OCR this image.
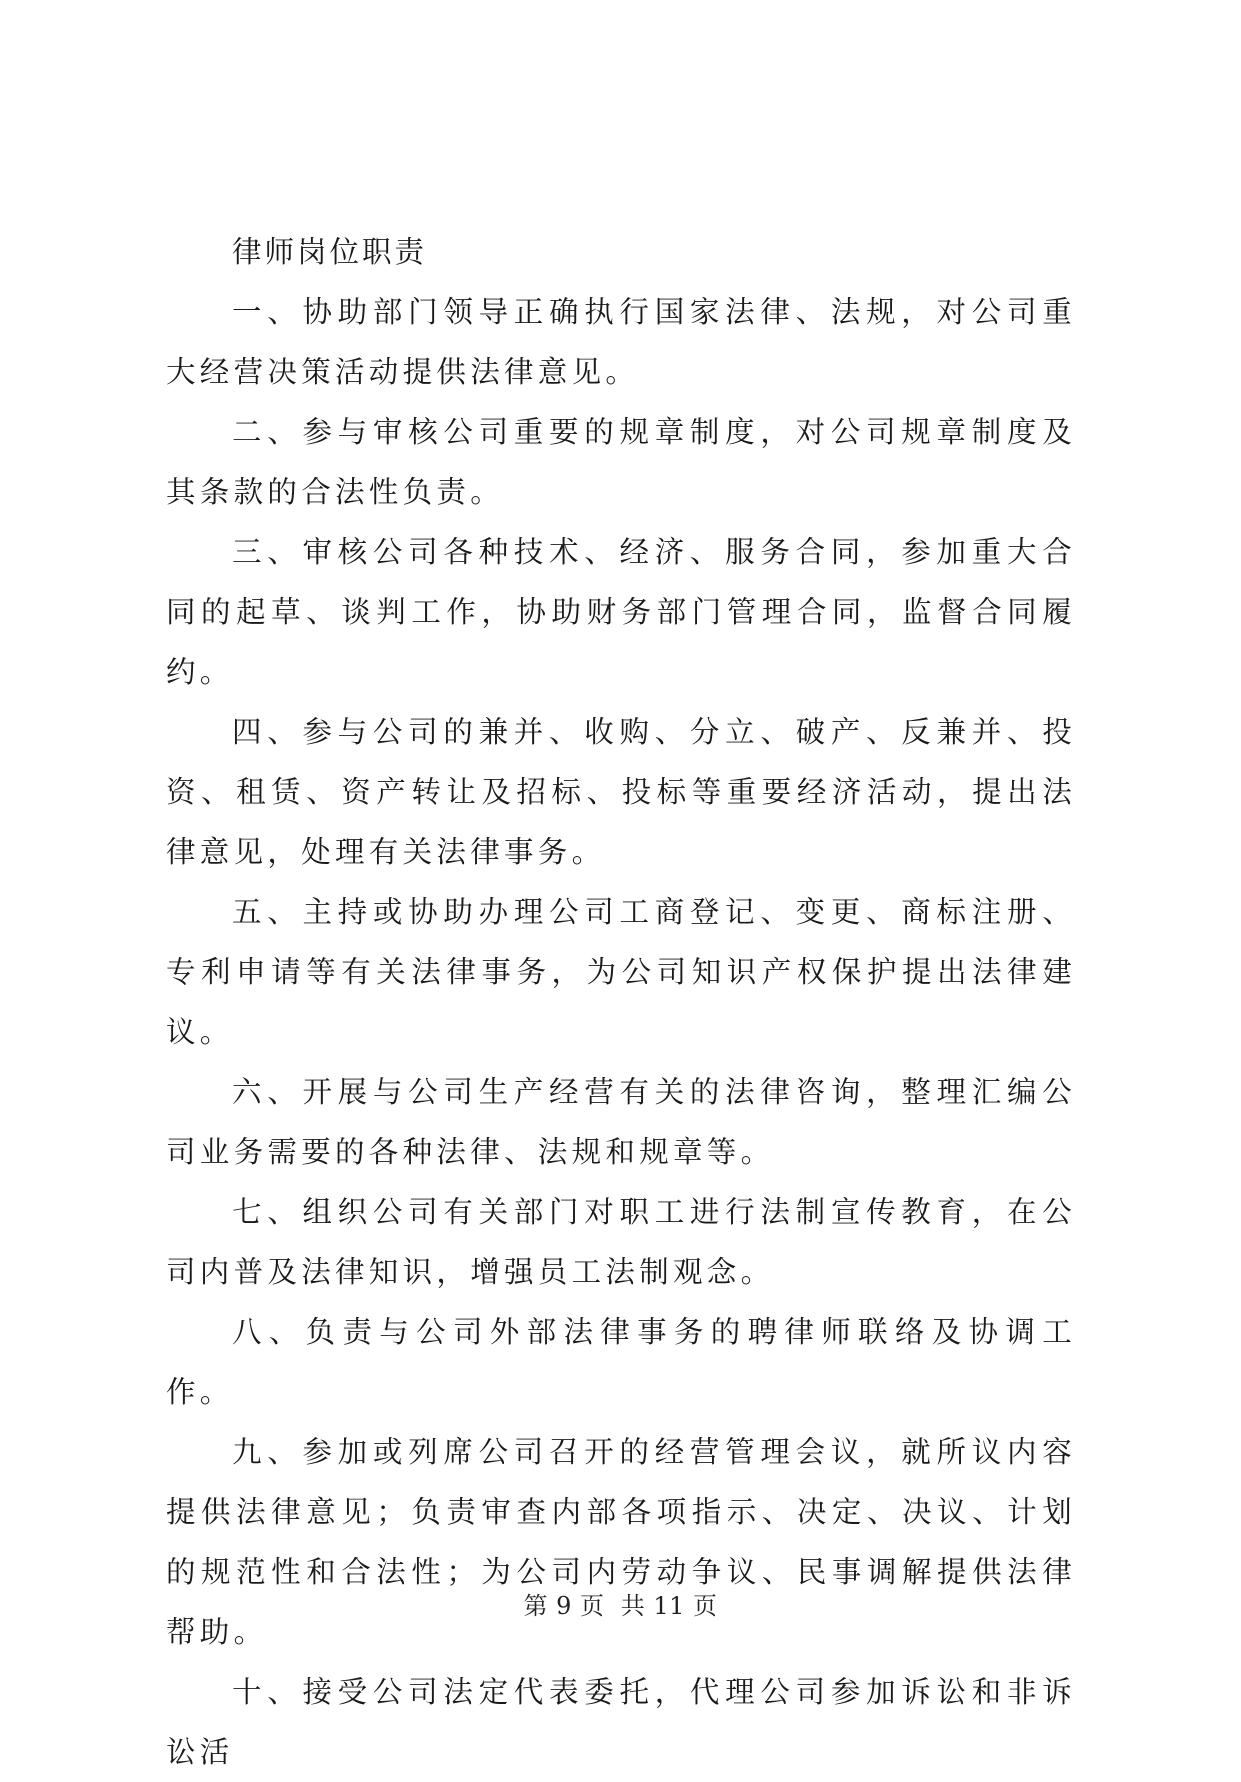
律师岗位职责

一、协助部门领导正确执行国家法律、法规，对公司重大经营决策活动提供法律意见。

二、参与审核公司重要的规章制度，对公司规章制度及其条款的合法性负责。

三、审核公司各种技术、经济、服务合同，参加重大合同的起草、谈判工作，协助财务部门管理合同，监督合同履约。

四、参与公司的兼并、收购、分立、破产、反兼并、投资、租赁、资产转让及招标、投标等重要经济活动，提出法律意见，处理有关法律事务。

五、主持或协助办理公司工商登记、变更、商标注册、专利申请等有关法律事务，为公司知识产权保护提出法律建议。

六、开展与公司生产经营有关的法律咨询，整理汇编公司业务需要的各种法律、法规和规章等。

七、组织公司有关部门对职工进行法制宣传教育，在公司内普及法律知识，增强员工法制观念。

八、负责与公司外部法律事务的聘律师联络及协调工作。

九、参加或列席公司召开的经营管理会议，就所议内容提供法律意见；负责审查内部各项指示、决定、决议、计划的规范性和合法性；为公司内劳动争议、民事调解提供法律帮助。

十、接受公司法定代表委托，代理公司参加诉讼和非诉讼活

第 9 页  共 11 页
